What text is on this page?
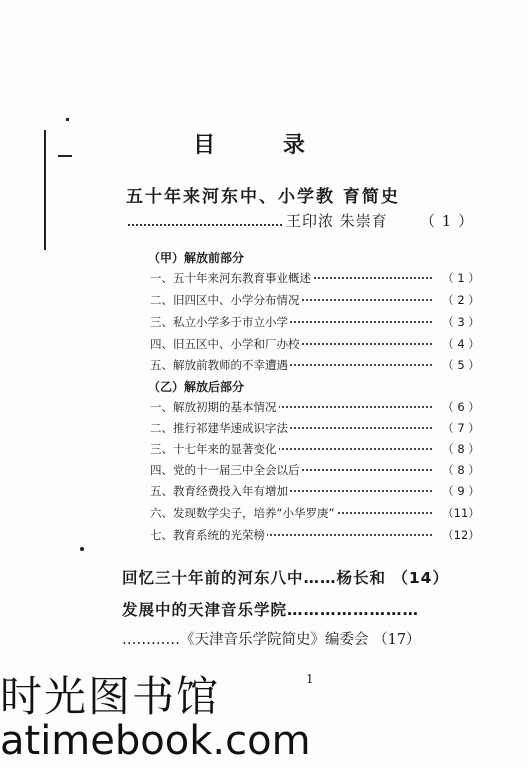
目 录
五十年来河东中、小学教 育简史
王印浓 朱崇育 （ 1 ）
（甲）解放前部分
一、五十年来河东教育事业概述	（ 1 ）
二、旧四区中、小学分布情况	（ 2 ）
三、私立小学多于市立小学	（ 3 ）
四、旧五区中、小学和厂办校	（ 4 ）
五、解放前教师的不幸遭遇	（ 5 ）
（乙）解放后部分
一、解放初期的基本情况	（ 6 ）
二、推行祁建华速成识字法	（ 7 ）
三、十七年来的显著变化	（ 8 ）
四、党的十一届三中全会以后	（ 8 ）
五、教育经费投入年有增加	（ 9 ）
六、发现数学尖子，培养“小华罗庚”	（11）
七、教育系统的光荣榜	（12）
回忆三十年前的河东八中……杨长和 （14）
发展中的天津音乐学院……………………
…………《天津音乐学院简史》编委会 （17）
1
时光图书馆
atimebook.com
